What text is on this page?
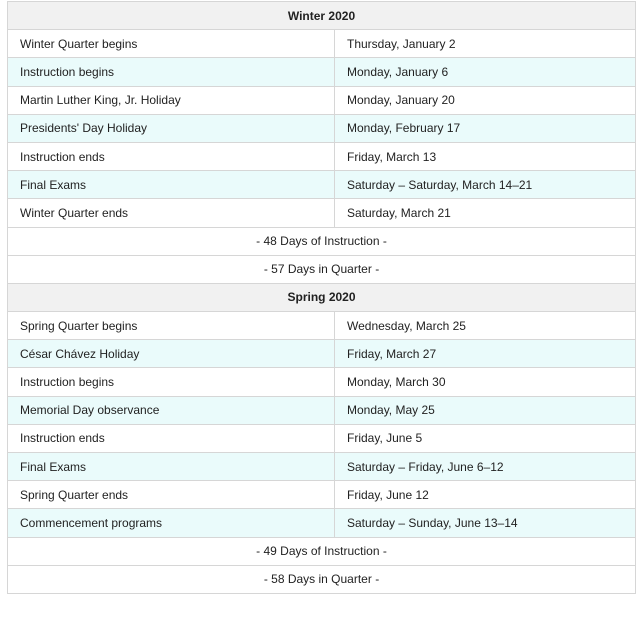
Winter 2020	
Winter Quarter begins	Thursday, January 2
Instruction begins	Monday, January 6
Martin Luther King, Jr. Holiday	Monday, January 20
Presidents' Day Holiday	Monday, February 17
Instruction ends	Friday, March 13
Final Exams	Saturday – Saturday, March 14–21
Winter Quarter ends	Saturday, March 21
- 48 Days of Instruction -	
- 57 Days in Quarter -	
Spring 2020	
Spring Quarter begins	Wednesday, March 25
César Chávez Holiday	Friday, March 27
Instruction begins	Monday, March 30
Memorial Day observance	Monday, May 25
Instruction ends	Friday, June 5
Final Exams	Saturday – Friday, June 6–12
Spring Quarter ends	Friday, June 12
Commencement programs	Saturday – Sunday, June 13–14
- 49 Days of Instruction -	
- 58 Days in Quarter -	
